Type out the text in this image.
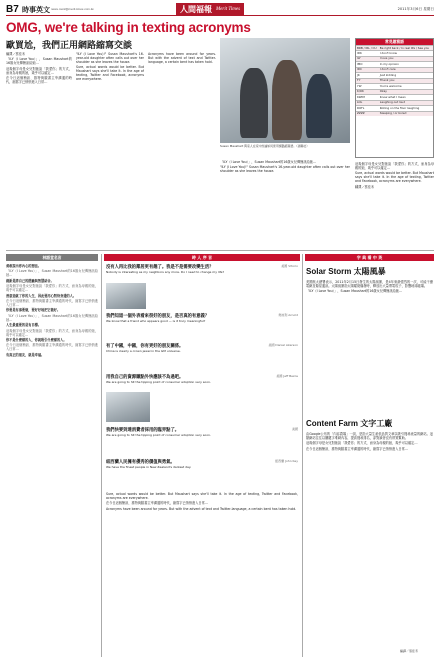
B7 時事英文 news.merit@merit-times.com.tw	人間福報 Merit Times	2011年3月6日 星期日
OMG, we're talking in texting acronyms
歐買尬，我們正用網路縮寫交談

編譯／蔡佳禾

「ILY（I Love You）」，Susan Maushart的16歲女兒傳簡訊給她…

這幾個字母是女兒對她說「我愛你」的方式，而身為母親的她，幾乎可以確定…

在今日這個簡訊、推特與臉書主宰溝通的時代，縮寫字已悄悄進入日常…

"ILY (I Love You)!" Susan Maushart's 16-year-old daughter often calls out over her shoulder as she leaves the house.

Sure, actual words would be better. But Maushart says she'll take it. In the age of texting, Twitter and Facebook, acronyms are everywhere.

Acronyms have been around for years. But with the advent of text and Twitter-language, a certain bent has taken hold.

Susan Maushart 與家人在家中討論如何使用網路縮寫語。（美聯社）
常見縮寫語
BRB / IRL / CU	Be right back / In real life / See you
IDK	I don't know
ILY	I love you
IMO	In my opinion
IDC	I don't care
JK	Just kidding
TY	Thank you
YW	You're welcome
K/OK	Okay
KWIM	Know what I mean
LOL	Laughing out loud
ROFL	Rolling on the floor laughing
ZZZZ	Sleeping / or bored

「ILY（I Love You）」，Susan Maushart的16歲女兒傳簡訊給她…

"ILY (I Love You)!" Susan Maushart's 16-year-old daughter often calls out over her shoulder as she leaves the house.

這幾個字母是女兒對她說「我愛你」的方式，而身為母親的她，幾乎可以確定…

Sure, actual words would be better. But Maushart says she'll take it. In the age of texting, Twitter and Facebook, acronyms are everywhere.

翻譯／蔡佳禾

林語堂名言

勇敢說出你內心的想法。

「ILY（I Love You）」，Susan Maushart的16歲女兒傳簡訊給她…

創新是將自己的經驗與智慧結合。

這幾個字母是女兒對她說「我愛你」的方式，而身為母親的她，幾乎可以確定…

善意造就了你的人生，因此要用心對待身邊的人。

在今日這個簡訊、推特與臉書主宰溝通的時代，縮寫字已悄悄進入日常…

你要是有事要做，要好好地把它做好。

「ILY（I Love You）」，Susan Maushart的16歲女兒傳簡訊給她…

人生最重要的是有目標。

這幾個字母是女兒對她說「我愛你」的方式，而身為母親的她，幾乎可以確定…

你不是什麼樣的人，你就吸引什麼樣的人。

在今日這個簡訊、推特與臉書主宰溝通的時代，縮寫字已悄悄進入日常…

有真正的朋友，就是幸福。

時 人 序 言
沒有人再比我的鄰居更有趣了。我是不是需要改變生活？	美國 Vitorio
Nobody is interesting as my neighbors any more. Do I need to change my life?
我們知道一個外表看來很好的朋友，是否真的有意義？	奧地利 Arnold
We know that a friend who appears good — is it truly meaningful?
有了中國，中國，你有更好的朋友關係。	美國 Daniel Akerson
China is clearly a crown jewel in the GM universe.
用我自己的資源賺點外快應該不為過吧。	美國 Jeff Bezos
We are going to hit the tipping point of consumer adoption very soon.
我們快要到達消費者採用的臨界點了。	美國
We are going to hit the tipping point of consumer adoption very soon.
紐西蘭人民擁有優秀的價值與勇氣。	紐西蘭 John Key
We have the finest people in New Zealand's darkest day.

Sure, actual words would be better. But Maushart says she'll take it. In the age of texting, Twitter and Facebook, acronyms are everywhere.

在今日這個簡訊、推特與臉書主宰溝通的時代，縮寫字已悄悄進入日常…

Acronyms have been around for years. But with the advent of text and Twitter-language, a certain bent has taken hold.

字 典 看 中 英
Solar Storm 太陽風暴

美國航太總署表示，2011年2月15日發生的太陽風暴，是4年來最強烈的一次，可能干擾電網及衛星通訊。太陽風暴指太陽耀斑爆發時，釋放出大量帶電粒子，影響地球磁場。

「ILY（I Love You）」，Susan Maushart的16歲女兒傳簡訊給她…

Content Farm 文字工廠

由Google公布的「內容農場」一詞，是指大量生產低品質文章以吸引搜尋流量的網站。這類網站往往以關鍵字堆砌內容，提高搜尋排名，卻對讀者沒有實質幫助。

這幾個字母是女兒對她說「我愛你」的方式，而身為母親的她，幾乎可以確定…

在今日這個簡訊、推特與臉書主宰溝通的時代，縮寫字已悄悄進入日常…

編譯／蔡佳禾
